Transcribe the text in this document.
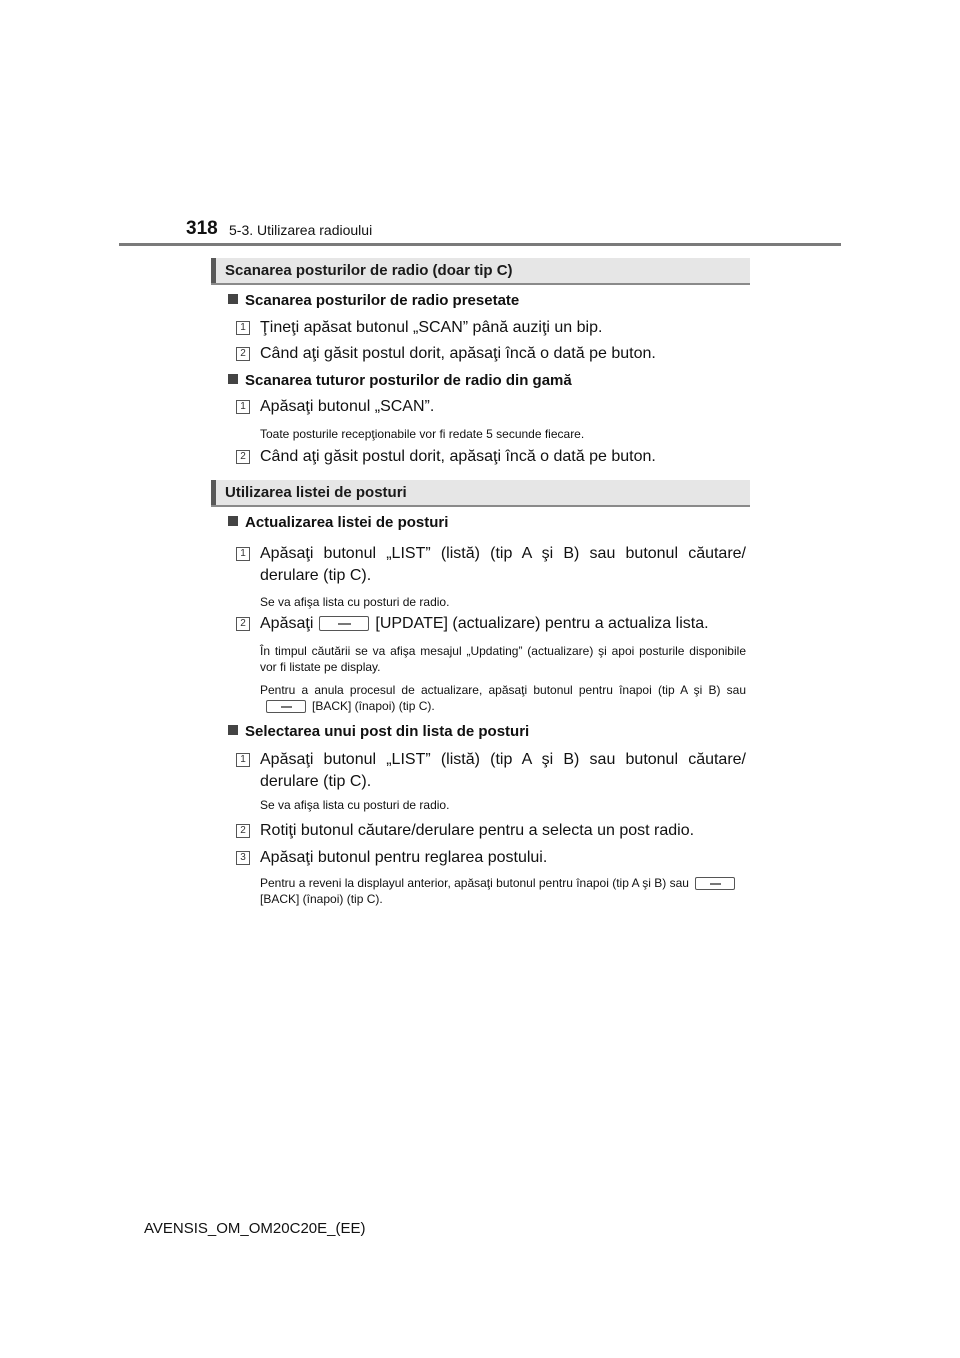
318 5-3. Utilizarea radioului
Scanarea posturilor de radio (doar tip C)
Scanarea posturilor de radio presetate
1 Ţineţi apăsat butonul „SCAN” până auziţi un bip.
2 Când aţi găsit postul dorit, apăsaţi încă o dată pe buton.
Scanarea tuturor posturilor de radio din gamă
1 Apăsaţi butonul „SCAN”.
Toate posturile recepţionabile vor fi redate 5 secunde fiecare.
2 Când aţi găsit postul dorit, apăsaţi încă o dată pe buton.
Utilizarea listei de posturi
Actualizarea listei de posturi
1 Apăsaţi butonul „LIST” (listă) (tip A şi B) sau butonul căutare/ derulare (tip C).
Se va afişa lista cu posturi de radio.
2 Apăsaţi	[UPDATE] (actualizare) pentru a actualiza lista.
În timpul căutării se va afişa mesajul „Updating” (actualizare) şi apoi posturile disponibile vor fi listate pe display.
Pentru a anula procesul de actualizare, apăsaţi butonul pentru înapoi (tip A şi B) sau[BACK] (înapoi) (tip C).
Selectarea unui post din lista de posturi
1 Apăsaţi butonul „LIST” (listă) (tip A şi B) sau butonul căutare/ derulare (tip C).
Se va afişa lista cu posturi de radio.
2 Rotiţi butonul căutare/derulare pentru a selecta un post radio.
3 Apăsaţi butonul pentru reglarea postului.
Pentru a reveni la displayul anterior, apăsaţi butonul pentru înapoi (tip A şi B) sau[BACK] (înapoi) (tip C).
AVENSIS_OM_OM20C20E_(EE)
